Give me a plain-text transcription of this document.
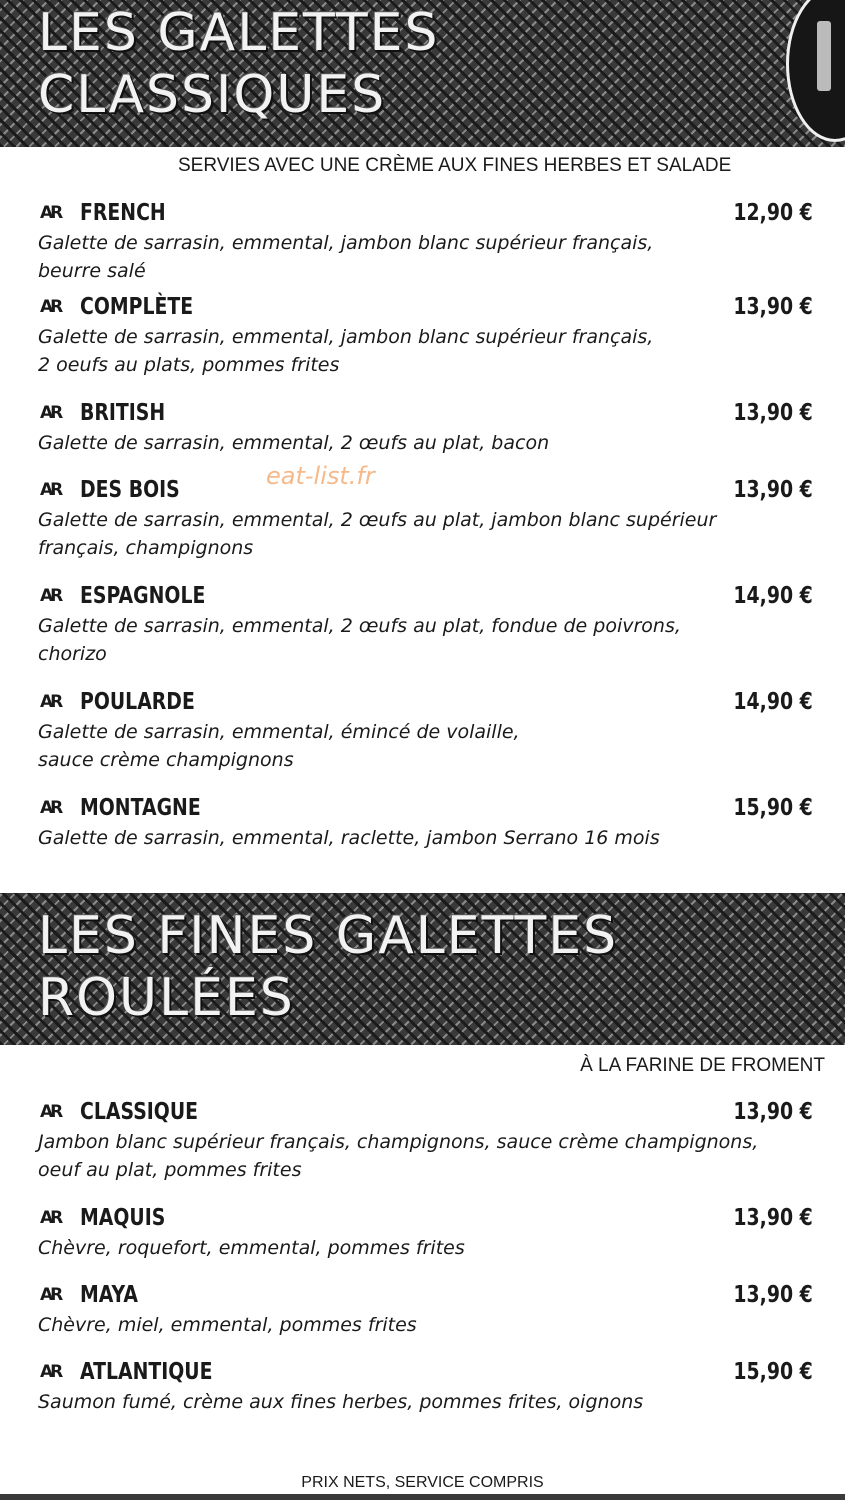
LES GALETTES
CLASSIQUES

SERVIES AVEC UNE CRÈME AUX FINES HERBES ET SALADE

AR FRENCH	12,90 €

Galette de sarrasin, emmental, jambon blanc supérieur français,
beurre salé

AR COMPLÈTE	13,90 €

Galette de sarrasin, emmental, jambon blanc supérieur français,
2 oeufs au plats, pommes frites

AR BRITISH	13,90 €

Galette de sarrasin, emmental, 2 œufs au plat, bacon

AR DES BOIS	13,90 €

Galette de sarrasin, emmental, 2 œufs au plat, jambon blanc supérieur
français, champignons

AR ESPAGNOLE	14,90 €

Galette de sarrasin, emmental, 2 œufs au plat, fondue de poivrons,
chorizo

AR POULARDE	14,90 €

Galette de sarrasin, emmental, émincé de volaille,
sauce crème champignons

AR MONTAGNE	15,90 €

Galette de sarrasin, emmental, raclette, jambon Serrano 16 mois

eat-list.fr
LES FINES GALETTES
ROULÉES

À LA FARINE DE FROMENT

AR CLASSIQUE	13,90 €

Jambon blanc supérieur français, champignons, sauce crème champignons,
oeuf au plat, pommes frites

AR MAQUIS	13,90 €

Chèvre, roquefort, emmental, pommes frites

AR MAYA	13,90 €

Chèvre, miel, emmental, pommes frites

AR ATLANTIQUE	15,90 €

Saumon fumé, crème aux fines herbes, pommes frites, oignons

PRIX NETS, SERVICE COMPRIS
